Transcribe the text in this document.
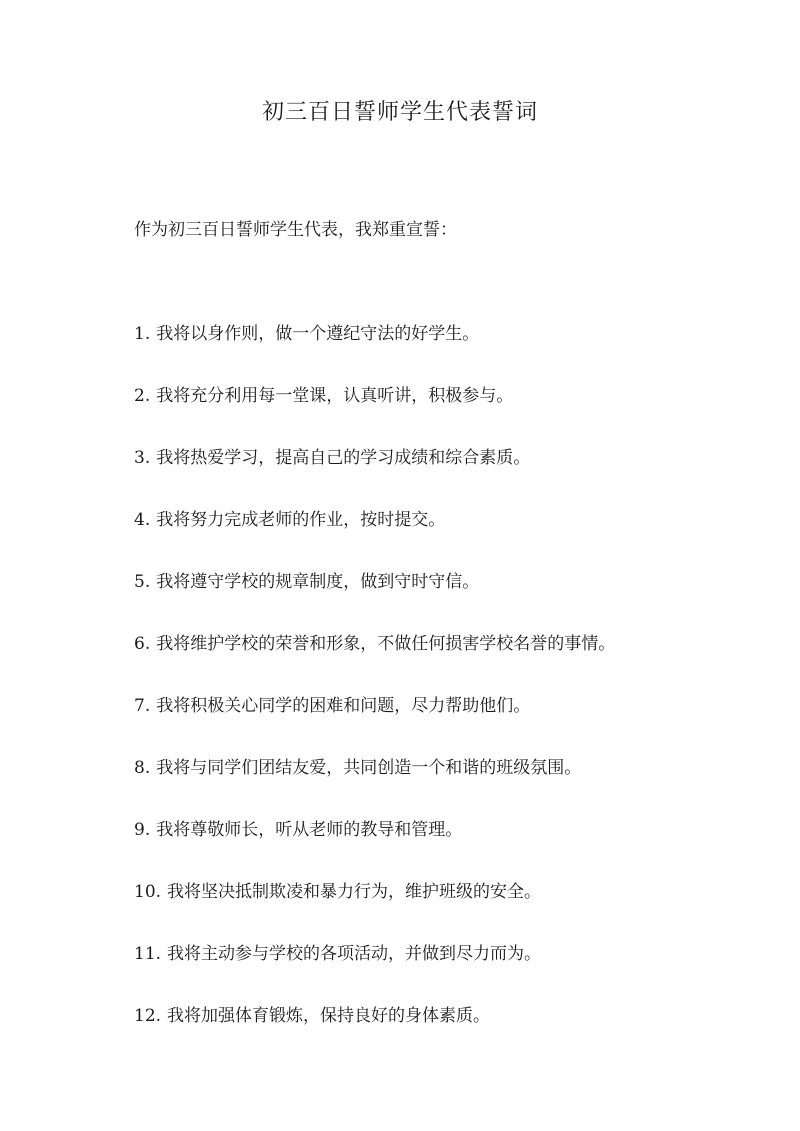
初三百日誓师学生代表誓词

作为初三百日誓师学生代表，我郑重宣誓：

1. 我将以身作则，做一个遵纪守法的好学生。
2. 我将充分利用每一堂课，认真听讲，积极参与。
3. 我将热爱学习，提高自己的学习成绩和综合素质。
4. 我将努力完成老师的作业，按时提交。
5. 我将遵守学校的规章制度，做到守时守信。
6. 我将维护学校的荣誉和形象，不做任何损害学校名誉的事情。
7. 我将积极关心同学的困难和问题，尽力帮助他们。
8. 我将与同学们团结友爱，共同创造一个和谐的班级氛围。
9. 我将尊敬师长，听从老师的教导和管理。
10. 我将坚决抵制欺凌和暴力行为，维护班级的安全。
11. 我将主动参与学校的各项活动，并做到尽力而为。
12. 我将加强体育锻炼，保持良好的身体素质。
